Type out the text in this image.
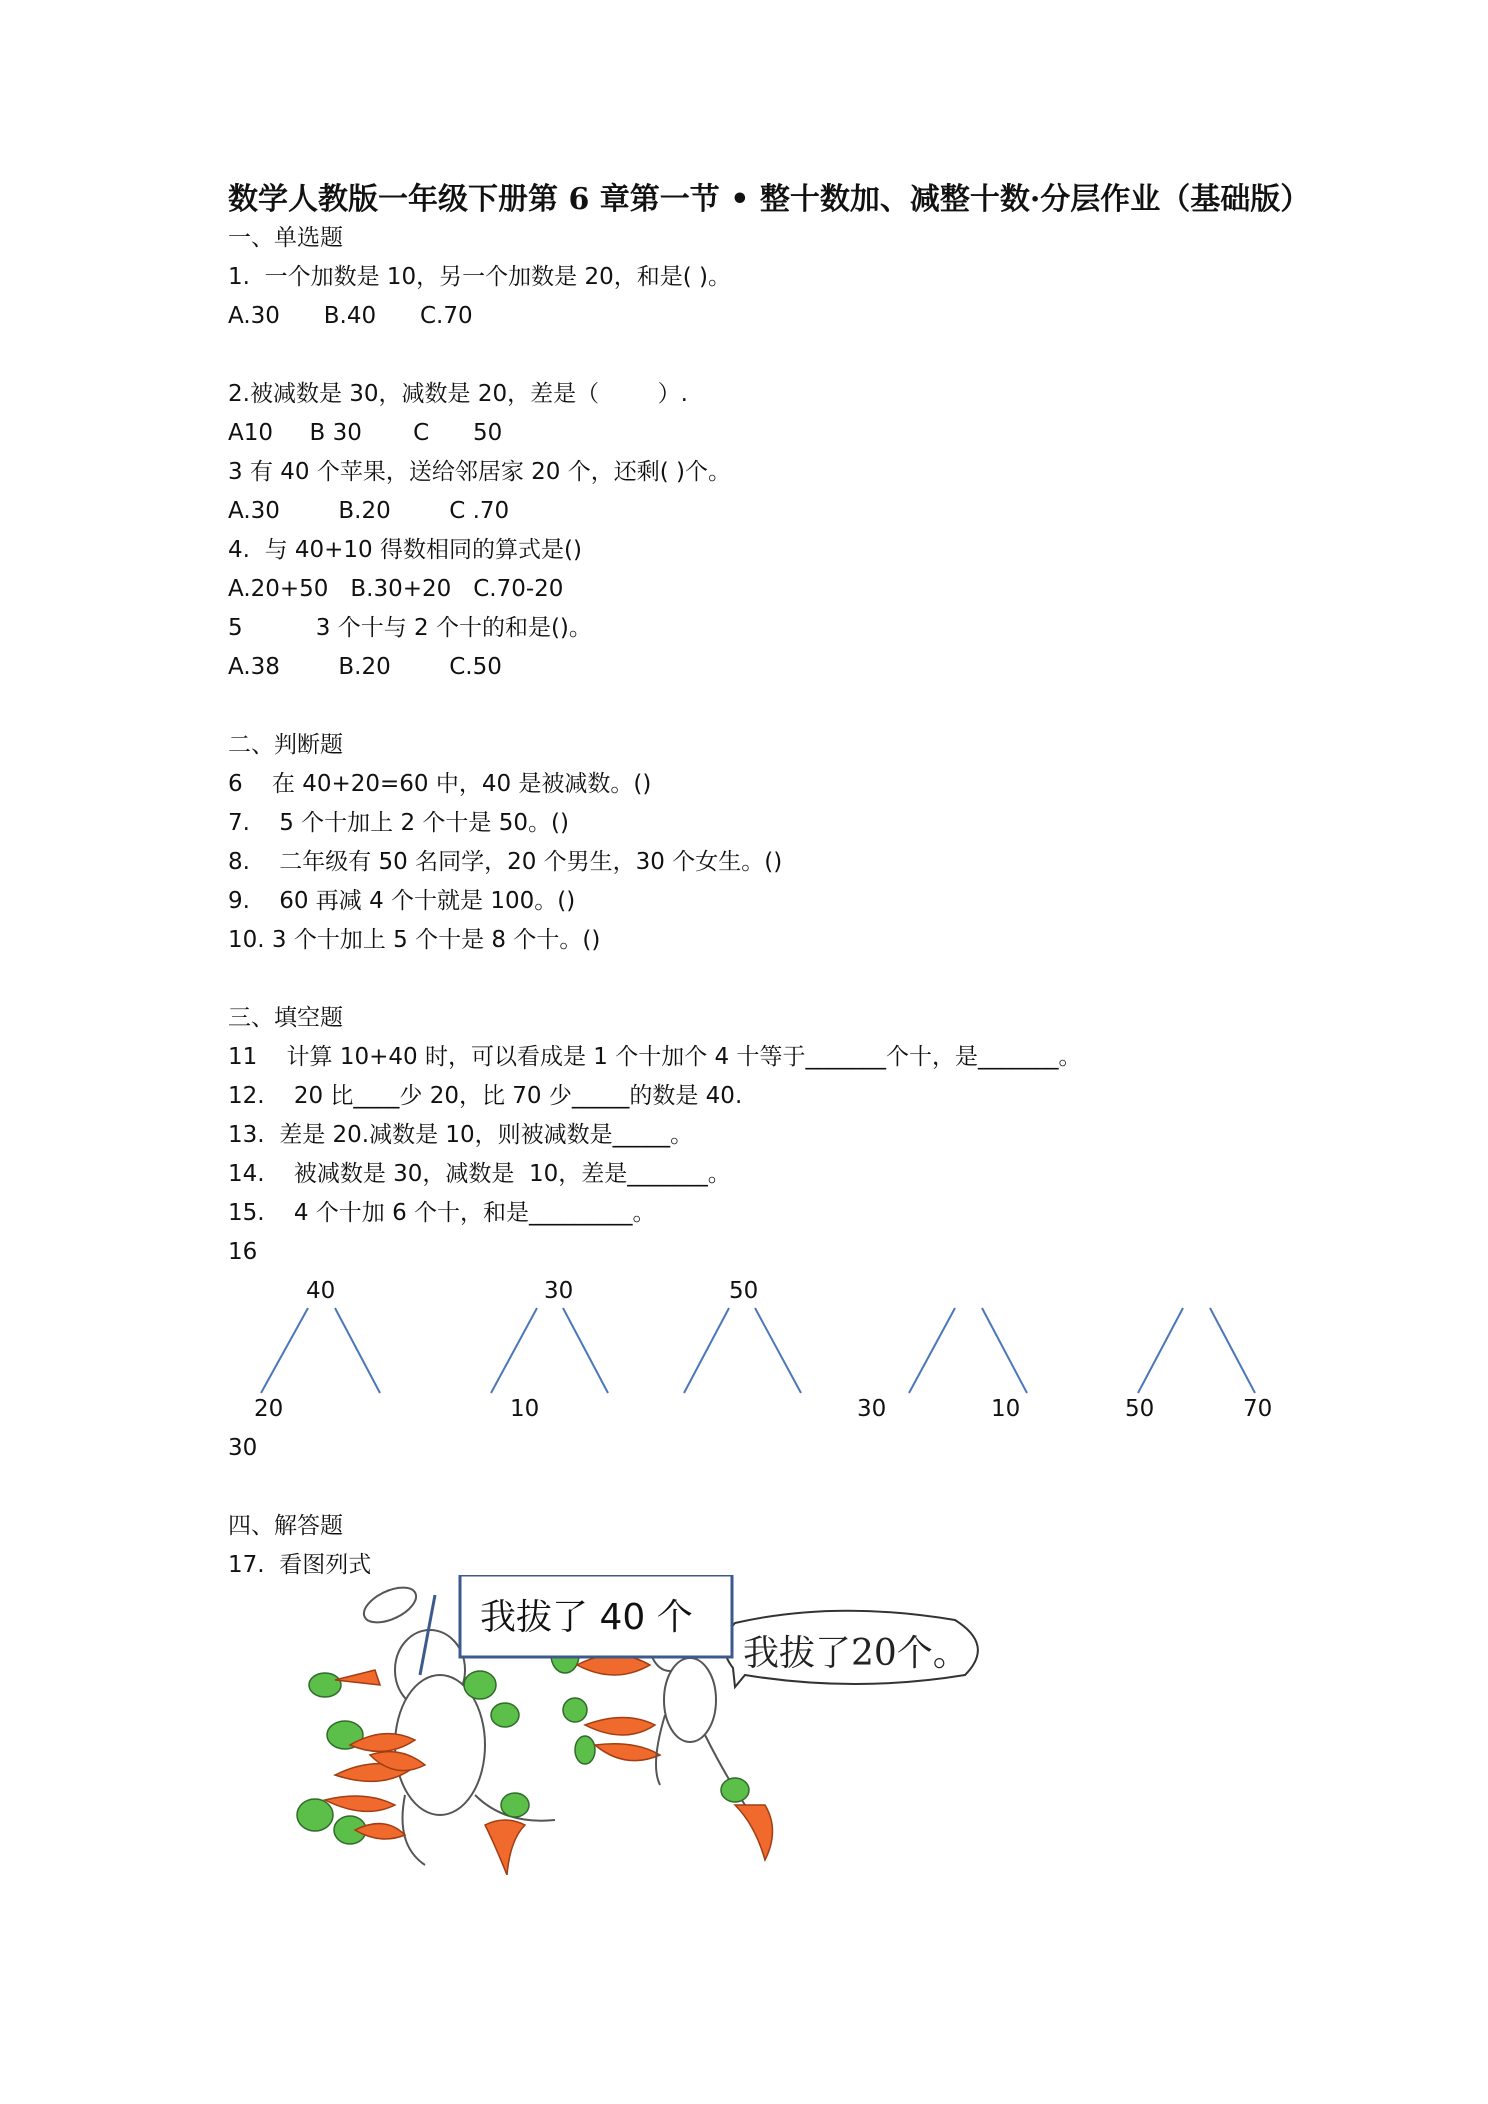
数学人教版一年级下册第 6 章第一节 • 整十数加、减整十数·分层作业（基础版）
一、单选题
1.  一个加数是 10，另一个加数是 20，和是( )。
A.30      B.40      C.70
2.被减数是 30，减数是 20，差是（        ）.
A10     B 30       C      50
3 有 40 个苹果，送给邻居家 20 个，还剩( )个。
A.30        B.20        C .70
4.  与 40+10 得数相同的算式是()
A.20+50   B.30+20   C.70-20
5          3 个十与 2 个十的和是()。
A.38        B.20        C.50
二、判断题
6    在 40+20=60 中，40 是被减数。()
7.    5 个十加上 2 个十是 50。()
8.    二年级有 50 名同学，20 个男生，30 个女生。()
9.    60 再减 4 个十就是 100。()
10. 3 个十加上 5 个十是 8 个十。()
三、填空题
11    计算 10+40 时，可以看成是 1 个十加个 4 十等于_______个十，是_______。
12.    20 比____少 20，比 70 少_____的数是 40.
13.  差是 20.减数是 10，则被减数是_____。
14.    被减数是 30，减数是  10，差是_______。
15.    4 个十加 6 个十，和是_________。
16
40
20
30
10
50
30	10	50	70
30
四、解答题
17.  看图列式
我拔了20个。
我拔了 40 个
